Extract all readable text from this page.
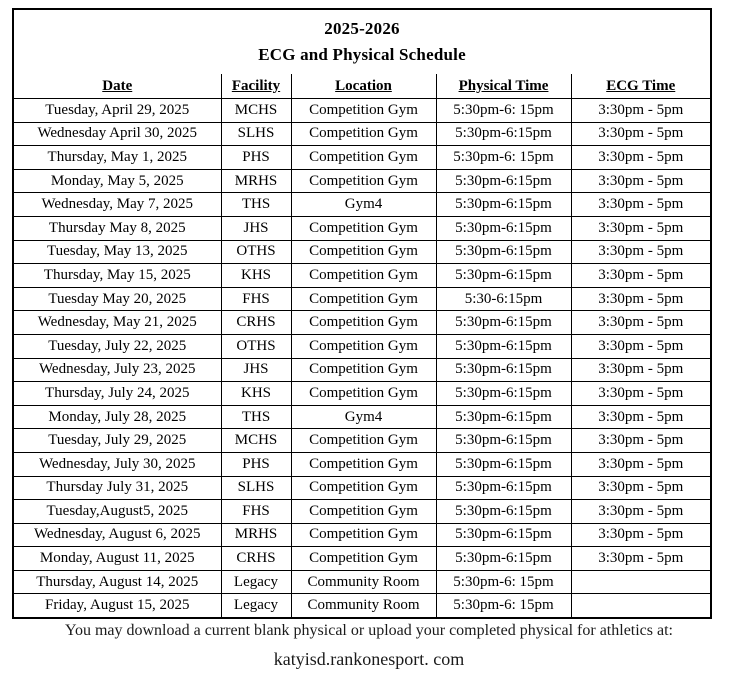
2025-2026
ECG and Physical Schedule
Date	Facility	Location	Physical Time	ECG Time
Tuesday, April 29, 2025	MCHS	Competition Gym	5:30pm-6: 15pm	3:30pm - 5pm
Wednesday April 30, 2025	SLHS	Competition Gym	5:30pm-6:15pm	3:30pm - 5pm
Thursday, May 1, 2025	PHS	Competition Gym	5:30pm-6: 15pm	3:30pm - 5pm
Monday, May 5, 2025	MRHS	Competition Gym	5:30pm-6:15pm	3:30pm - 5pm
Wednesday, May 7, 2025	THS	Gym4	5:30pm-6:15pm	3:30pm - 5pm
Thursday May 8, 2025	JHS	Competition Gym	5:30pm-6:15pm	3:30pm - 5pm
Tuesday, May 13, 2025	OTHS	Competition Gym	5:30pm-6:15pm	3:30pm - 5pm
Thursday, May 15, 2025	KHS	Competition Gym	5:30pm-6:15pm	3:30pm - 5pm
Tuesday May 20, 2025	FHS	Competition Gym	5:30-6:15pm	3:30pm - 5pm
Wednesday, May 21, 2025	CRHS	Competition Gym	5:30pm-6:15pm	3:30pm - 5pm
Tuesday, July 22, 2025	OTHS	Competition Gym	5:30pm-6:15pm	3:30pm - 5pm
Wednesday, July 23, 2025	JHS	Competition Gym	5:30pm-6:15pm	3:30pm - 5pm
Thursday, July 24, 2025	KHS	Competition Gym	5:30pm-6:15pm	3:30pm - 5pm
Monday, July 28, 2025	THS	Gym4	5:30pm-6:15pm	3:30pm - 5pm
Tuesday, July 29, 2025	MCHS	Competition Gym	5:30pm-6:15pm	3:30pm - 5pm
Wednesday, July 30, 2025	PHS	Competition Gym	5:30pm-6:15pm	3:30pm - 5pm
Thursday July 31, 2025	SLHS	Competition Gym	5:30pm-6:15pm	3:30pm - 5pm
Tuesday,August5, 2025	FHS	Competition Gym	5:30pm-6:15pm	3:30pm - 5pm
Wednesday, August 6, 2025	MRHS	Competition Gym	5:30pm-6:15pm	3:30pm - 5pm
Monday, August 11, 2025	CRHS	Competition Gym	5:30pm-6:15pm	3:30pm - 5pm
Thursday, August 14, 2025	Legacy	Community Room	5:30pm-6: 15pm	
Friday, August 15, 2025	Legacy	Community Room	5:30pm-6: 15pm	
You may download a current blank physical or upload your completed physical for athletics at:
katyisd.rankonesport. com
